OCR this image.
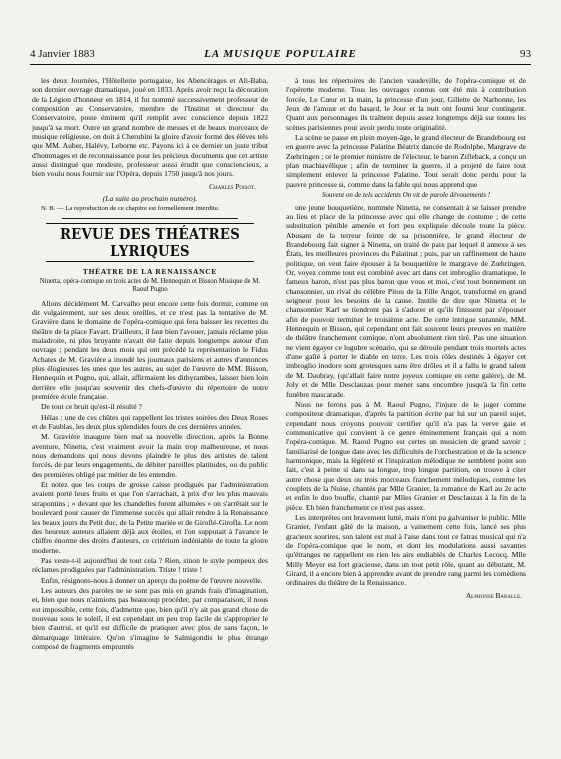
4 Janvier 1883	LA MUSIQUE POPULAIRE	93

les deux Journées, l'Hôtellerie portugaise, les Abencérages et Ali-Baba, son dernier ouvrage dramatique, joué en 1833. Après avoir reçu la décoration de la Légion d'honneur en 1814, il fut nommé successivement professeur de composition au Conservatoire, membre de l'Institut et directeur du Conservatoire, poste éminent qu'il remplit avec conscience depuis 1822 jusqu'à sa mort. Outre un grand nombre de messes et de beaux morceaux de musique religieuse, on doit à Cherubini la gloire d'avoir formé des élèves tels que MM. Auber, Halévy, Leborne etc. Payons ici à ce dernier un juste tribut d'hommages et de reconnaissance pour les précieux documents que cet artiste aussi distingué que modeste, professeur aussi érudit que consciencieux, a bien voulu nous fournir sur l'Opéra, depuis 1750 jusqu'à nos jours.

Charles Poisot.
(La suite au prochain numéro).

N. B. — La reproduction de ce chapitre est formellement interdite.

REVUE DES THÉATRES LYRIQUES
THÉATRE DE LA RENAISSANCE
Ninetta, opéra-comique en trois actes de M. Hennequin et Bisson Musique de M. Raoul Pugno

Allons décidément M. Carvalho peut encore cette fois dormir, comme on dit vulgairement, sur ses deux oreilles, et ce n'est pas la tentative de M. Gravière dans le domaine de l'opéra-comique qui fera baisser les recettes du théâtre de la place Favart. D'ailleurs, il faut bien l'avouer, jamais réclame plus maladroite, ni plus bruyante n'avait été faite depuis longtemps autour d'un ouvrage ; pendant les deux mois qui ont précédé la représentation le Fidus Achates de M. Gravière a inondé les journaux parisiens et autres d'annonces plus élogieuses les unes que les autres, au sujet de l'œuvre de MM. Bisson, Hennequin et Pugno, qui, allait, affirmaient les dithyrambes, laisser bien loin derrière elle jusqu'au souvenir des chefs-d'œuvre du répertoire de notre première école française.

De tout ce bruit qu'est-il résulté ?

Hélas : une de ces chûtes qui rappellent les tristes soirées des Deux Roses et de Faublas, les deux plus splendides fours de ces dernières années.

M. Gravière inaugure bien mal sa nouvelle direction, après la Bonne aventure, Ninetta, c'est vraiment avoir la main trop malheureuse, et nous nous demandons qui nous devons plaindre le plus des artistes de talent forcés, de par leurs engagements, de débiter pareilles platitudes, ou du public des premières obligé par métier de les entendre.

Et notez que les coups de grosse caisse prodigués par l'administration avaient porté leurs fruits et que l'on s'arrachait, à prix d'or les plus mauvais strapontins ; « devant que les chandelles furent allumées » on s'arrêtait sur le boulevard pour causer de l'immense succès qui allait rendre à la Renaissance les beaux jours du Petit duc, de la Petite mariée et de Giroflé-Girofla. Le nom des heureux auteurs allaient déjà aux étoiles, et l'on supputait à l'avance le chiffre énorme des droits d'auteurs, ce critérium indéniable de toute la gloire moderne.

Pas veste-t-il aujourd'hui de tout cela ? Rien, sinon le style pompeux des réclames prodiguées par l'administration. Triste ! triste !

Enfin, résignons-nous à donner un aperçu du poème de l'œuvre nouvelle.

Les auteurs des paroles ne se sont pas mis en grands frais d'imagination, et, bien que nous n'aimions pas beaucoup procéder, par comparaison, il nous est impossible, cette fois, d'admettre que, bien qu'il n'y ait pas grand chose de nouveau sous le soleil, il est cependant un peu trop facile de s'approprier le bien d'autrui, et qu'il est difficile de pratiquer avec plus de sans façon, le démarquage littéraire. Qu'on s'imagine le Salmigondis le plus étrange composé de fragments empruntés

à tous les répertoires de l'ancien vaudeville, de l'opéra-comique et de l'opérette moderne. Tous les ouvrages connus ont été mis à contribution forcée, Le Cœur et la main, la princesse d'un jour, Gillette de Narbonne, les Jeux de l'amour et du hasard, le Jour et la nuit ont fourni leur contingent. Quant aux personnages ils traînent depuis assez longtemps déjà sur toutes les scènes parisiennes pour avoir perdu toute originalité.

La scène se passe en plein moyen-âge, le grand électeur de Brandebourg est en guerre avec la princesse Palatine Béatrix dancée de Rodolphe, Margrave de Zœhringen ; or le premier ministre de l'électeur, le baron Zifleback, a conçu un plan machiavélique ; afin de terminer la guerre, il a projeté de faire tout simplement enlever la princesse Palatine. Tout serait donc perdu pour la pauvre princesse si, comme dans la fable qui nous apprend que

Souvent on de tels accidents On vit de parole dévouements !

une jeune bouquetière, nommée Ninetta, ne consentait à se laisser prendre au lieu et place de la princesse avec qui elle change de costume ; de cette substitution pénible amenée et fort peu expliquée découle toute la pièce. Abusant de la terreur feinte de sa prisonnière, le grand électeur de Brandebourg fait signer à Ninetta, un traité de paix par lequel il annexe à ses États, les meilleures provinces du Palatinat ; puis, par un raffinement de haute politique, on veut faire épouser à la bouquetière le margrave de Zœhringen. Or, voyez comme tout est combiné avec art dans cet imbroglio dramatique, le fameux baron, n'est pas plus baron que vous et moi, c'est tout bonnement un chansonnier, un rival du célèbre Pitou de la Fille Angot, transformé en grand seigneur pour les besoins de la cause. Inutile de dire que Ninetta et le chansonnier Karl se tiendront pas à s'adorer et qu'ils finissent par s'épouser afin de pouvoir terminer le troisième acte. De cette intrigue surannée, MM. Hennequin et Bisson, qui cependant ont fait souvent leurs preuves en matière de théâtre franchement comique, n'ont absolument rien tiré. Pas une situation ne vient égayer ce lugubre scénario, qui se déroule pendant trois mortels actes d'une gaîté à porter le diable en terre. Les trois rôles destinés à égayer cet imbroglio inodore sont grotesques sans être drôles et il a fallu le grand talent de M. Daubray, (qu'allait faire notre joyeux comique en cette galère), de M. Joly et de Mlle Desclauzas pour mener sans encombre jusqu'à la fin cette funèbre mascarade.

Nous ne ferons pas à M. Raoul Pugno, l'injure de le juger comme compositeur dramatique, d'après la partition écrite par lui sur un pareil sujet, cependant nous croyons pouvoir certifier qu'il n'a pas la verve gaie et communicative qui convient à ce genre éminemment français qui a nom l'opéra-comique. M. Raoul Pugno est certes un musicien de grand savoir ; familiarisé de longue date avec les difficultés de l'orchestration et de la science harmonique, mais la légèreté et l'inspiration mélodique ne semblent point son fait, c'est à peine si dans sa longue, trop longue partition, on trouve à citer autre chose que deux ou trois morceaux franchement mélodiques, comme les couplets de la Nuise, chantés par Mlle Granier, la romance de Karl au 2e acte et enfin le duo bouffe, chanté par Mlles Granier et Desclauzas à la fin de la pièce. Eh bien franchement ce n'est pas assez.

Les interprètes ont bravement lutté, mais n'ont pu galvaniser le public. Mlle Granier, l'enfant gâté de la maison, a vainement cette fois, lancé ses plus gracieux sourires, son talent est mal à l'aise dans tout ce fatras musical qui n'a de l'opéra-comique que le nom, et dont les modulations aussi savantes qu'étranges ne rappellent en rien les airs endiablés de Charles Lecocq. Mlle Milly Meyer est fort gracieuse, dans un tout petit rôle, quant au débutant, M. Girard, il a encore bien à apprendre avant de prendre rang parmi les comédiens ordinaires du théâtre de la Renaissance.

Alphonse Baralle.
